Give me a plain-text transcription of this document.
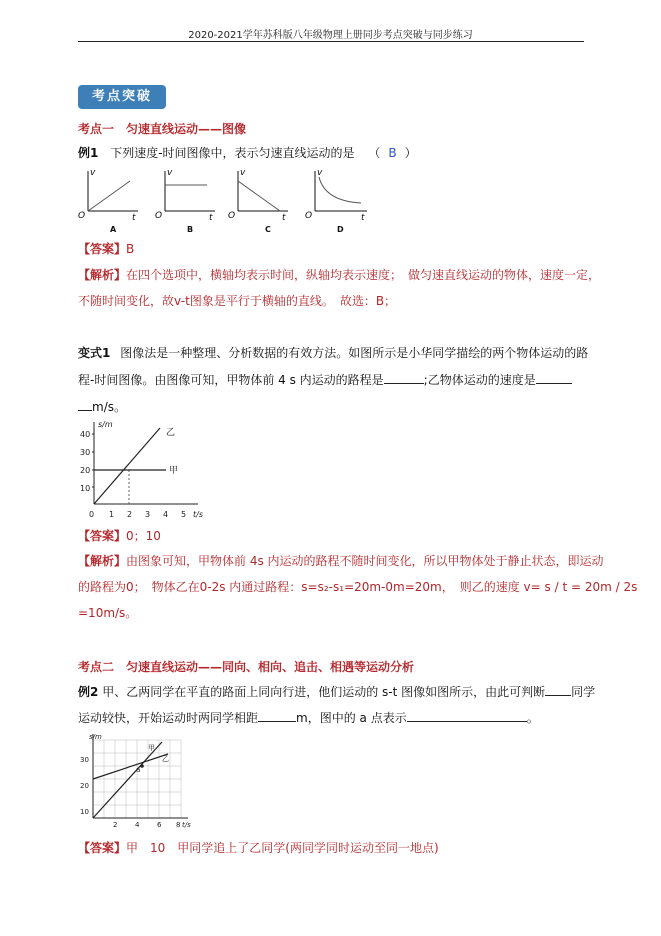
2020-2021学年苏科版八年级物理上册同步考点突破与同步练习
考点突破
考点一　匀速直线运动——图像
例1 下列速度-时间图像中，表示匀速直线运动的是 （ B ）
v
t
O
A
v
t
O
B
v
t
O
C
v
t
O
D
【答案】B
【解析】在四个选项中，横轴均表示时间，纵轴均表示速度；　做匀速直线运动的物体，速度一定，
不随时间变化，故v-t图象是平行于横轴的直线。　故选：B；
变式1 图像法是一种整理、分析数据的有效方法。如图所示是小华同学描绘的两个物体运动的路
程-时间图像。由图像可知，甲物体前 4 s 内运动的路程是	;乙物体运动的速度是
m/s。
40
30
20
10
0 1 2 3 4 5
s/m
t/s
甲
乙
【答案】0；10
【解析】由图象可知，甲物体前 4s 内运动的路程不随时间变化，所以甲物体处于静止状态，即运动
的路程为0；　物体乙在0-2s 内通过路程：s=s₂-s₁=20m-0m=20m，　则乙的速度 v= s / t = 20m / 2s
=10m/s。
考点二　匀速直线运动——同向、相向、追击、相遇等运动分析
例2 甲、乙两同学在平直的路面上同向行进，他们运动的 s-t 图像如图所示，由此可判断 同学
运动较快，开始运动时两同学相距	m，图中的 a 点表示	。
30
20
10
2	4	6 8
s/m
t/s
a
甲
乙
【答案】甲　10　甲同学追上了乙同学(两同学同时运动至同一地点)
